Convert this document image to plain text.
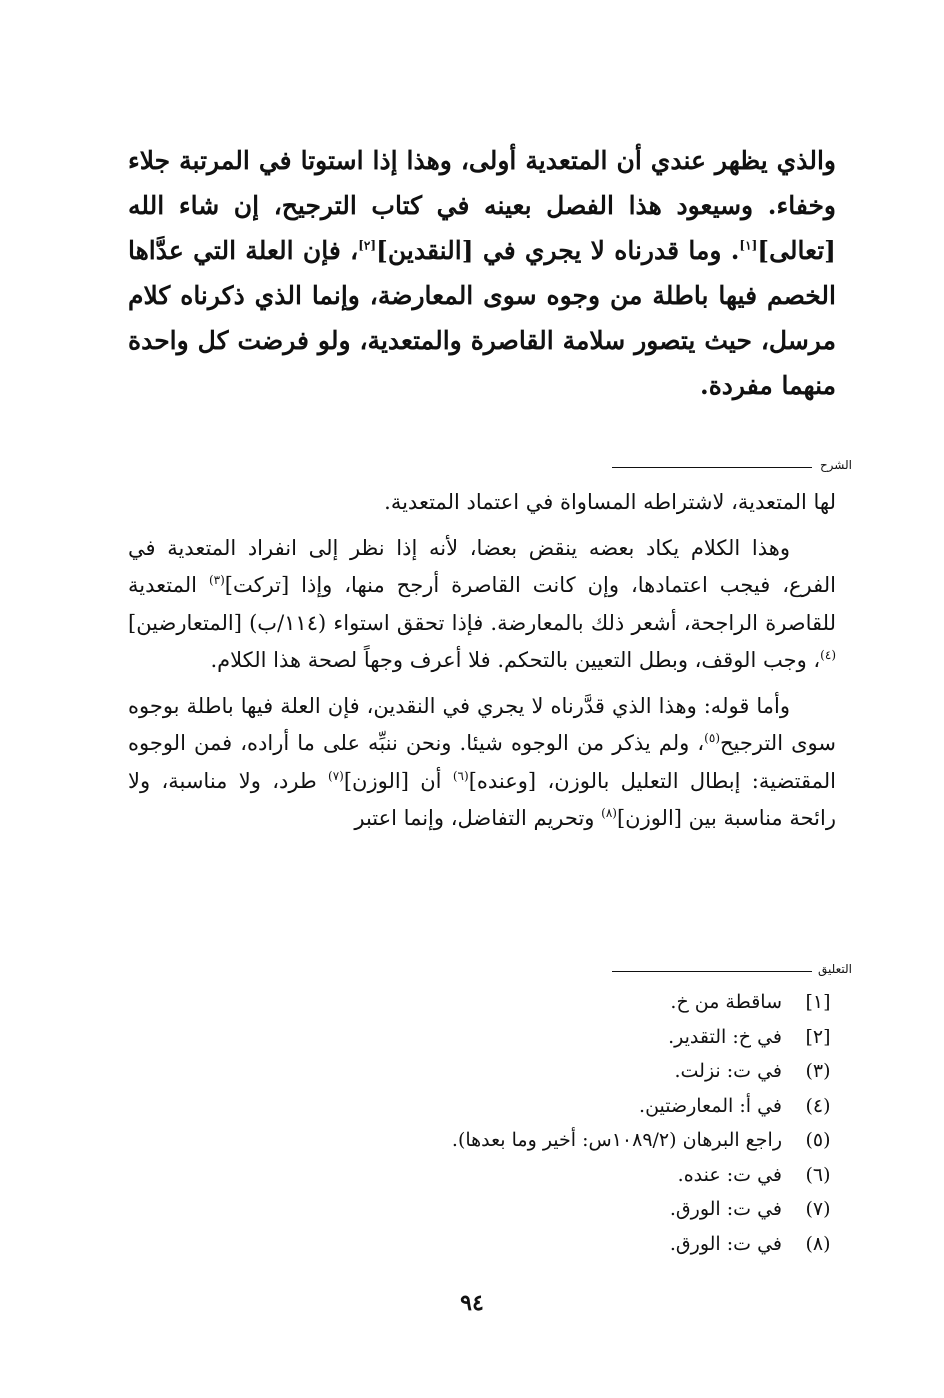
والذي يظهر عندي أن المتعدية أولى، وهذا إذا استوتا في المرتبة جلاء وخفاء. وسيعود هذا الفصل بعينه في كتاب الترجيح، إن شاء الله [تعالى][١]. وما قدرناه لا يجري في [النقدين][٢]، فإن العلة التي عدَّاها الخصم فيها باطلة من وجوه سوى المعارضة، وإنما الذي ذكرناه كلام مرسل، حيث يتصور سلامة القاصرة والمتعدية، ولو فرضت كل واحدة منهما مفردة.

الشرح

لها المتعدية، لاشتراطه المساواة في اعتماد المتعدية.

وهذا الكلام يكاد بعضه ينقض بعضا، لأنه إذا نظر إلى انفراد المتعدية في الفرع، فيجب اعتمادها، وإن كانت القاصرة أرجح منها، وإذا [تركت]$^{(٣)}$ المتعدية للقاصرة الراجحة، أشعر ذلك بالمعارضة. فإذا تحقق استواء (١١٤/ب) [المتعارضين]$^{(٤)}$، وجب الوقف، وبطل التعيين بالتحكم. فلا أعرف وجهاً لصحة هذا الكلام.

وأما قوله: وهذا الذي قدَّرناه لا يجري في النقدين، فإن العلة فيها باطلة بوجوه سوى الترجيح$^{(٥)}$، ولم يذكر من الوجوه شيئا. ونحن ننبِّه على ما أراده، فمن الوجوه المقتضية: إبطال التعليل بالوزن، [وعنده]$^{(٦)}$ أن [الوزن]$^{(٧)}$ طرد، ولا مناسبة، ولا رائحة مناسبة بين [الوزن]$^{(٨)}$ وتحريم التفاضل، وإنما اعتبر

التعليق
[١]
ساقطة من خ.
[٢]
في خ: التقدير.
(٣)
في ت: نزلت.
(٤)
في أ: المعارضتين.
(٥)
راجع البرهان (١٠٨٩/٢س: أخير وما بعدها).
(٦)
في ت: عنده.
(٧)
في ت: الورق.
(٨)
في ت: الورق.
٩٤
